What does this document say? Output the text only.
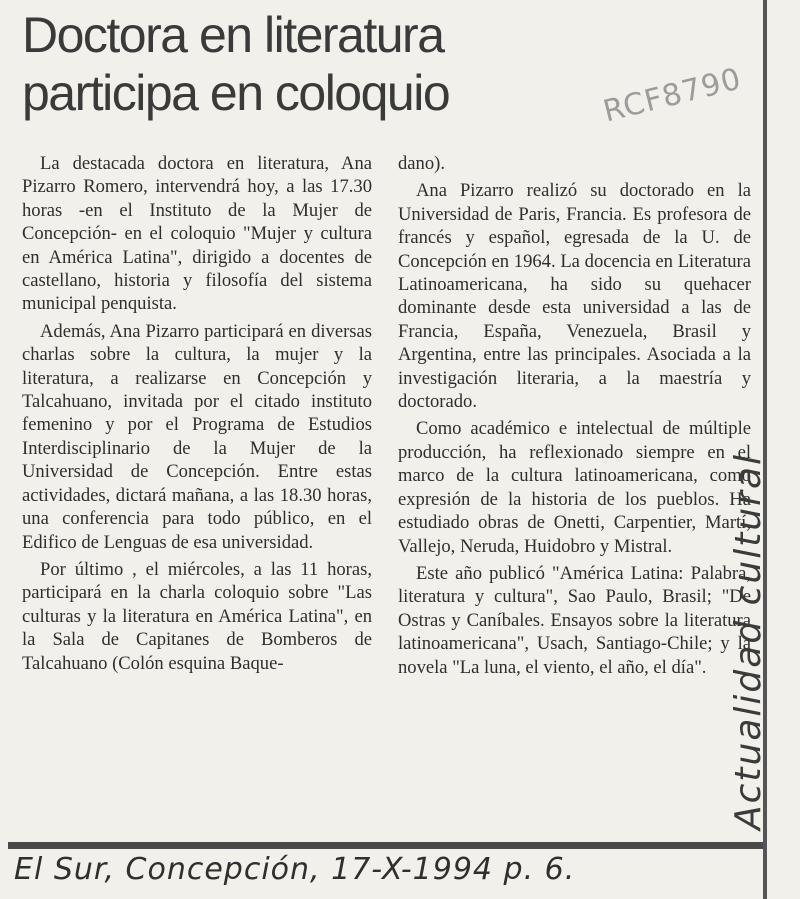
Doctora en literatura
participa en coloquio	RCF8790

La destacada doctora en literatura, Ana Pizarro Romero, intervendrá hoy, a las 17.30 horas -en el Instituto de la Mujer de Concepción- en el coloquio "Mujer y cultura en América Latina", dirigido a docentes de castellano, historia y filosofía del sistema municipal penquista.

Además, Ana Pizarro participará en diversas charlas sobre la cultura, la mujer y la literatura, a realizarse en Concepción y Talcahuano, invitada por el citado instituto femenino y por el Programa de Estudios Interdisciplinario de la Mujer de la Universidad de Concepción. Entre estas actividades, dictará mañana, a las 18.30 horas, una conferencia para todo público, en el Edifico de Lenguas de esa universidad.

Por último , el miércoles, a las 11 horas, participará en la charla coloquio sobre "Las culturas y la literatura en América Latina", en la Sala de Capitanes de Bomberos de Talcahuano (Colón esquina Baque-

dano).

Ana Pizarro realizó su doctorado en la Universidad de Paris, Francia. Es profesora de francés y español, egresada de la U. de Concepción en 1964. La docencia en Literatura Latinoamericana, ha sido su quehacer dominante desde esta universidad a las de Francia, España, Venezuela, Brasil y Argentina, entre las principales. Asociada a la investigación literaria, a la maestría y doctorado.

Como académico e intelectual de múltiple producción, ha reflexionado siempre en el marco de la cultura latinoamericana, como expresión de la historia de los pueblos. Ha estudiado obras de Onetti, Carpentier, Martí, Vallejo, Neruda, Huidobro y Mistral.

Este año publicó "América Latina: Palabra, literatura y cultura", Sao Paulo, Brasil; "De Ostras y Caníbales. Ensayos sobre la literatura latinoamericana", Usach, Santiago-Chile; y la novela "La luna, el viento, el año, el día". Actualidad cultural
El Sur, Concepción, 17-X-1994 p. 6.
